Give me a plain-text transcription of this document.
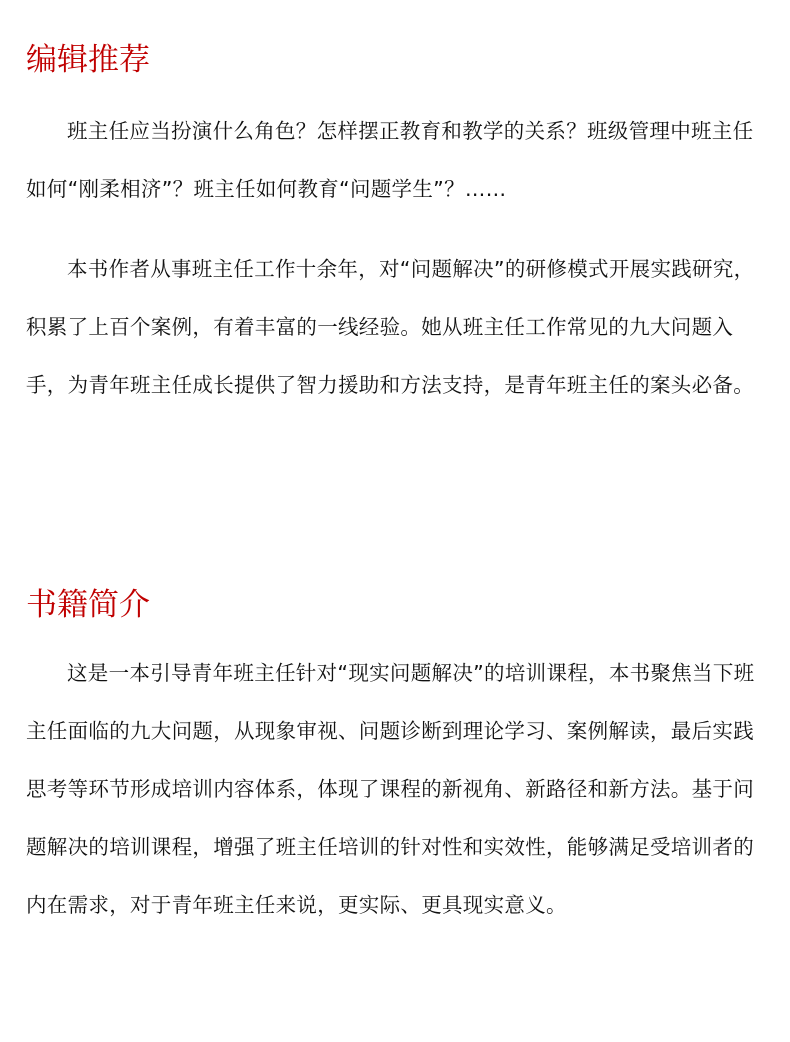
编辑推荐

班主任应当扮演什么角色？怎样摆正教育和教学的关系？班级管理中班主任如何“刚柔相济”？班主任如何教育“问题学生”？……

本书作者从事班主任工作十余年，对“问题解决”的研修模式开展实践研究，积累了上百个案例，有着丰富的一线经验。她从班主任工作常见的九大问题入手，为青年班主任成长提供了智力援助和方法支持，是青年班主任的案头必备。

书籍简介

这是一本引导青年班主任针对“现实问题解决”的培训课程，本书聚焦当下班主任面临的九大问题，从现象审视、问题诊断到理论学习、案例解读，最后实践思考等环节形成培训内容体系，体现了课程的新视角、新路径和新方法。基于问题解决的培训课程，增强了班主任培训的针对性和实效性，能够满足受培训者的内在需求，对于青年班主任来说，更实际、更具现实意义。
